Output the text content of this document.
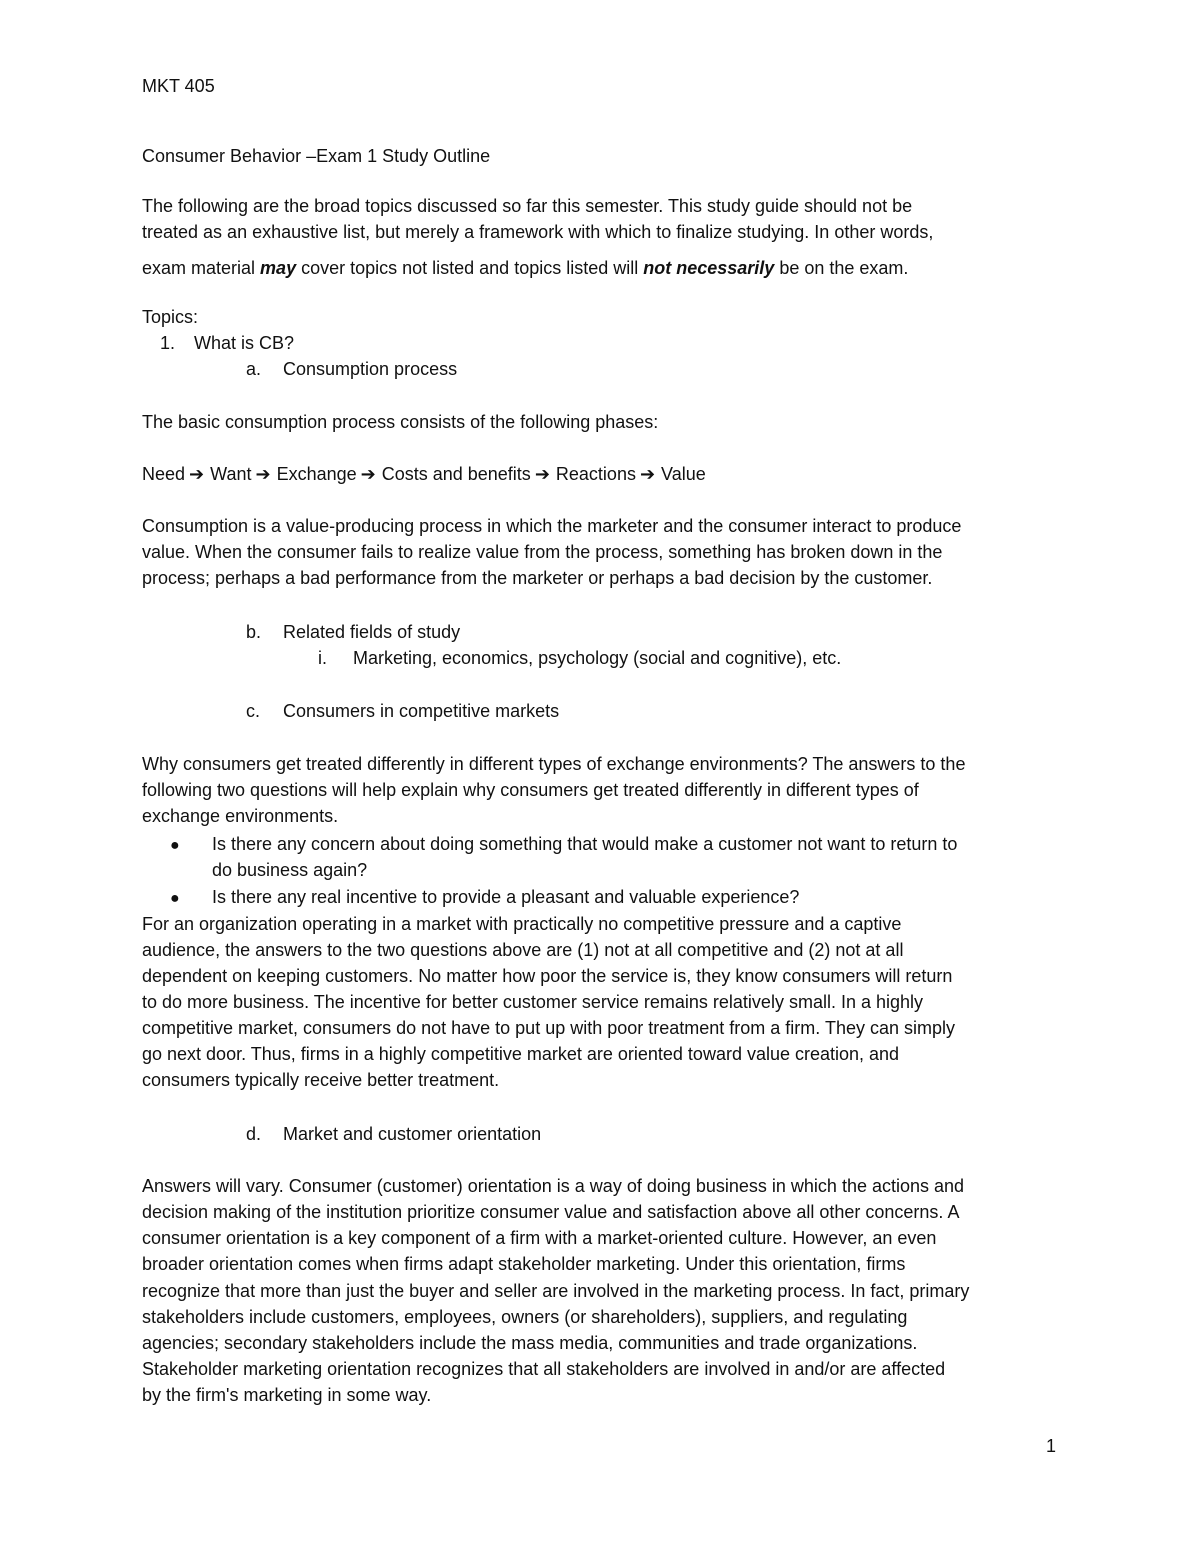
MKT 405

Consumer Behavior –Exam 1 Study Outline

The following are the broad topics discussed so far this semester. This study guide should not be

treated as an exhaustive list, but merely a framework with which to finalize studying. In other words,

exam material may cover topics not listed and topics listed will not necessarily be on the exam.

Topics:

1. What is CB?

a. Consumption process

The basic consumption process consists of the following phases:

Need ➔ Want ➔ Exchange ➔ Costs and benefits ➔ Reactions ➔ Value

Consumption is a value-producing process in which the marketer and the consumer interact to produce

value. When the consumer fails to realize value from the process, something has broken down in the

process; perhaps a bad performance from the marketer or perhaps a bad decision by the customer.

b. Related fields of study

i. Marketing, economics, psychology (social and cognitive), etc.

c. Consumers in competitive markets

Why consumers get treated differently in different types of exchange environments? The answers to the

following two questions will help explain why consumers get treated differently in different types of

exchange environments.

● Is there any concern about doing something that would make a customer not want to return to

do business again?

● Is there any real incentive to provide a pleasant and valuable experience?

For an organization operating in a market with practically no competitive pressure and a captive

audience, the answers to the two questions above are (1) not at all competitive and (2) not at all

dependent on keeping customers. No matter how poor the service is, they know consumers will return

to do more business. The incentive for better customer service remains relatively small. In a highly

competitive market, consumers do not have to put up with poor treatment from a firm. They can simply

go next door. Thus, firms in a highly competitive market are oriented toward value creation, and

consumers typically receive better treatment.

d. Market and customer orientation

Answers will vary. Consumer (customer) orientation is a way of doing business in which the actions and

decision making of the institution prioritize consumer value and satisfaction above all other concerns. A

consumer orientation is a key component of a firm with a market-oriented culture. However, an even

broader orientation comes when firms adapt stakeholder marketing. Under this orientation, firms

recognize that more than just the buyer and seller are involved in the marketing process. In fact, primary

stakeholders include customers, employees, owners (or shareholders), suppliers, and regulating

agencies; secondary stakeholders include the mass media, communities and trade organizations.

Stakeholder marketing orientation recognizes that all stakeholders are involved in and/or are affected

by the firm's marketing in some way.

1
